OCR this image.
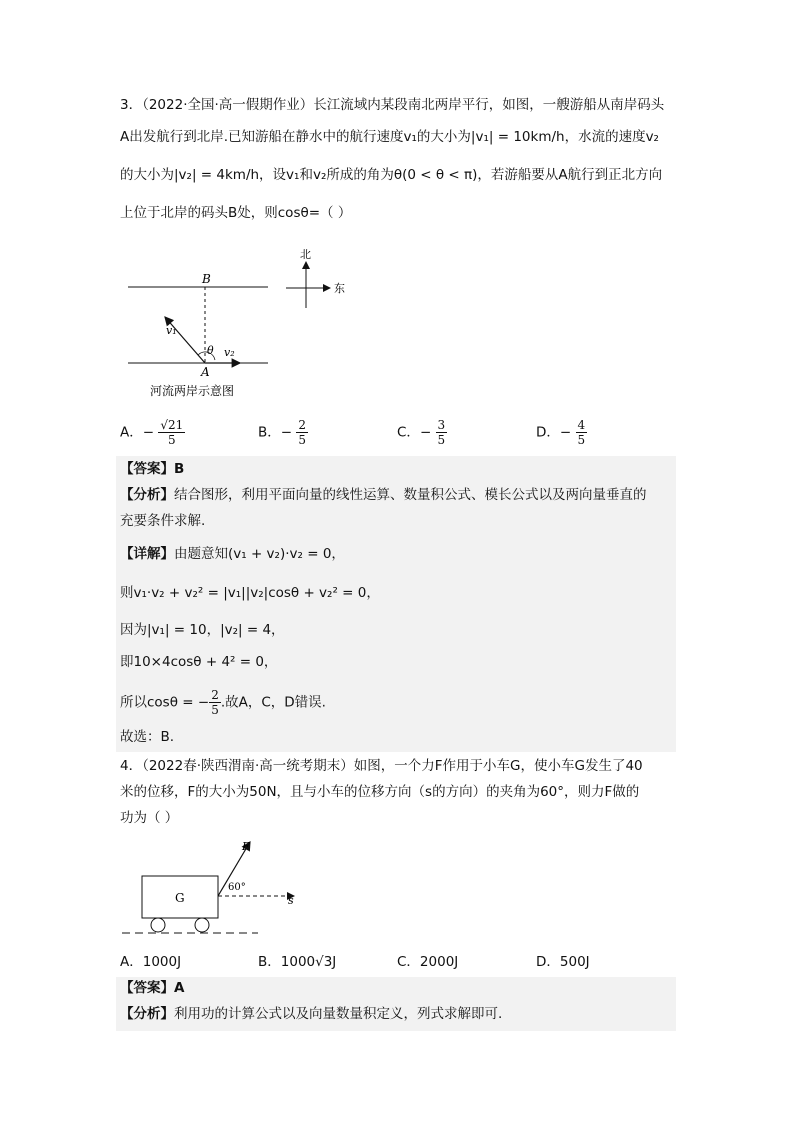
3．（2022·全国·高一假期作业）长江流域内某段南北两岸平行，如图，一艘游船从南岸码头
A出发航行到北岸.已知游船在静水中的航行速度v₁的大小为|v₁| = 10km/h，水流的速度v₂
的大小为|v₂| = 4km/h，设v₁和v₂所成的角为θ(0 < θ < π)，若游船要从A航行到正北方向
上位于北岸的码头B处，则cosθ=（ ）
B
A
θ
v₁
v₂
北
东
河流两岸示意图
A．− $\frac{√21}{5}$	B．− $\frac{2}{5}$	C．− $\frac{3}{5}$	D．− $\frac{4}{5}$
【答案】B
【分析】结合图形，利用平面向量的线性运算、数量积公式、模长公式以及两向量垂直的
充要条件求解.
【详解】由题意知(v₁ + v₂)·v₂ = 0，
则v₁·v₂ + v₂² = |v₁||v₂|cosθ + v₂² = 0，
因为|v₁| = 10，|v₂| = 4，
即10×4cosθ + 4² = 0，
所以cosθ = − $\frac{2}{5}$ .故A，C，D错误.
故选：B.
4．（2022春·陕西渭南·高一统考期末）如图，一个力F作用于小车G，使小车G发生了40
米的位移，F的大小为50N，且与小车的位移方向（s的方向）的夹角为60°，则力F做的
功为（ ）
G
F
60°
s
A．1000J	B．1000√3J	C．2000J	D．500J
【答案】A
【分析】利用功的计算公式以及向量数量积定义，列式求解即可.
